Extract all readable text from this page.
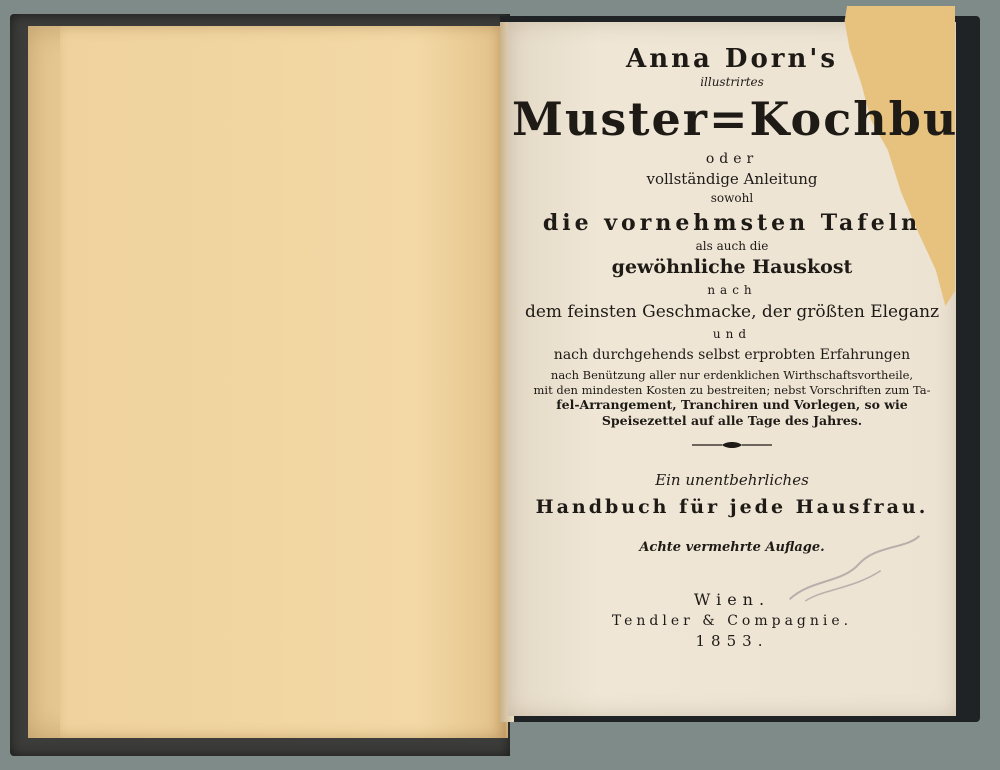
Anna Dorn's
illustrirtes
Muster=Kochbu
oder
vollständige Anleitung
sowohl
die vornehmsten Tafeln
als auch die
gewöhnliche Hauskost
nach
dem feinsten Geschmacke, der größten Eleganz
und
nach durchgehends selbst erprobten Erfahrungen
nach Benützung aller nur erdenklichen Wirthschaftsvortheile,
mit den mindesten Kosten zu bestreiten; nebst Vorschriften zum Ta-
fel-Arrangement, Tranchiren und Vorlegen, so wie
Speisezettel auf alle Tage des Jahres.
Ein unentbehrliches
Handbuch für jede Hausfrau.
Achte vermehrte Auflage.
Wien.
Tendler & Compagnie.
1853.
